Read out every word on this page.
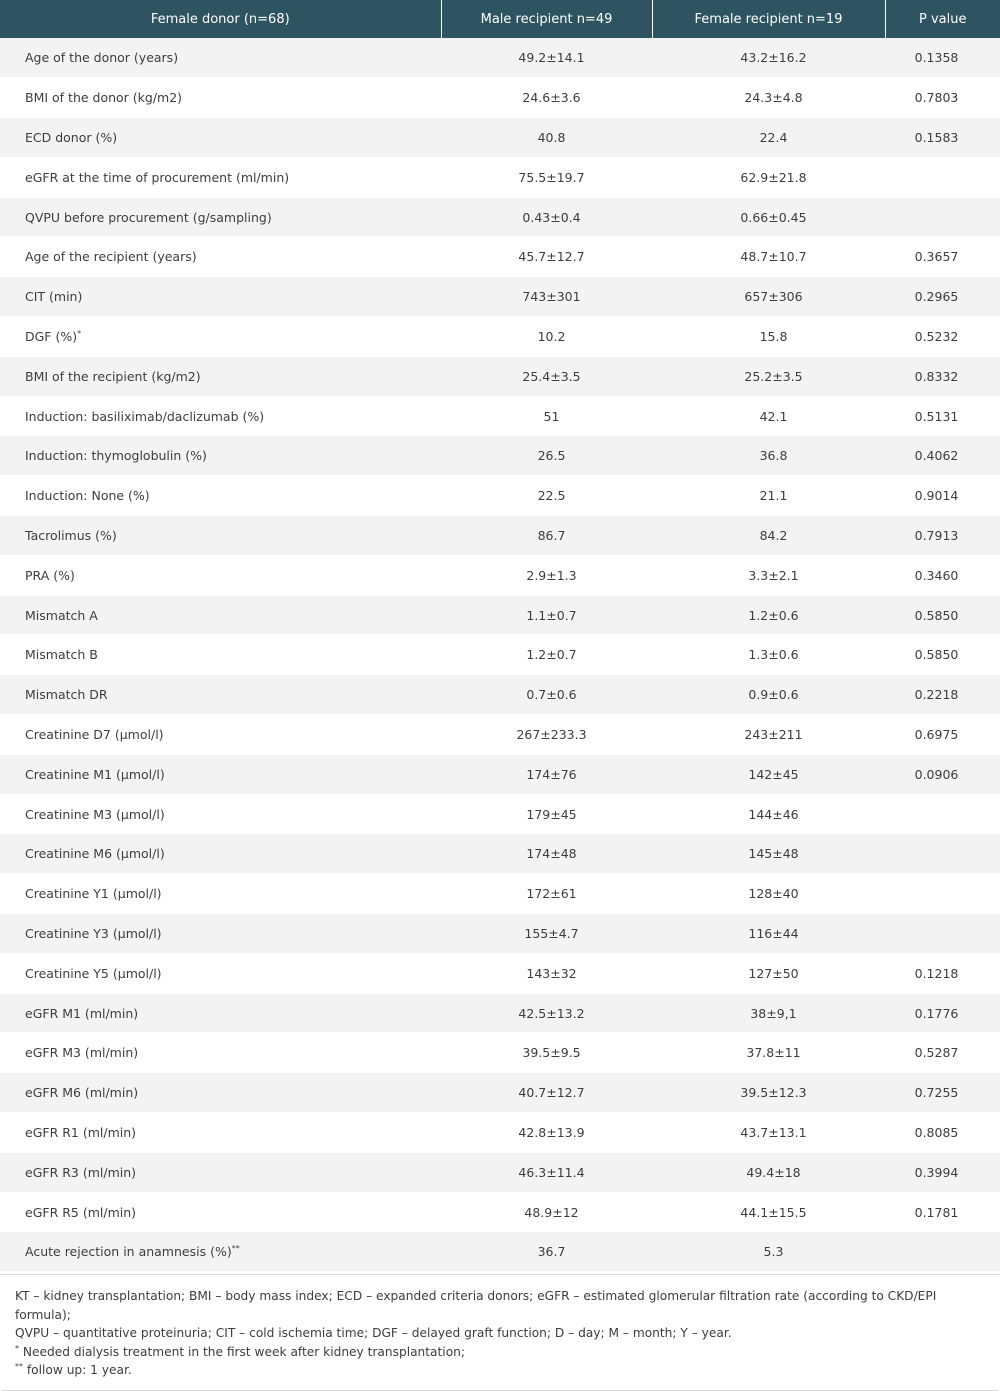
Female donor (n=68)	Male recipient n=49	Female recipient n=19	P value
Age of the donor (years)	49.2±14.1	43.2±16.2	0.1358
BMI of the donor (kg/m2)	24.6±3.6	24.3±4.8	0.7803
ECD donor (%)	40.8	22.4	0.1583
eGFR at the time of procurement (ml/min)	75.5±19.7	62.9±21.8	
QVPU before procurement (g/sampling)	0.43±0.4	0.66±0.45	
Age of the recipient (years)	45.7±12.7	48.7±10.7	0.3657
CIT (min)	743±301	657±306	0.2965
DGF (%)*	10.2	15.8	0.5232
BMI of the recipient (kg/m2)	25.4±3.5	25.2±3.5	0.8332
Induction: basiliximab/daclizumab (%)	51	42.1	0.5131
Induction: thymoglobulin (%)	26.5	36.8	0.4062
Induction: None (%)	22.5	21.1	0.9014
Tacrolimus (%)	86.7	84.2	0.7913
PRA (%)	2.9±1.3	3.3±2.1	0.3460
Mismatch A	1.1±0.7	1.2±0.6	0.5850
Mismatch B	1.2±0.7	1.3±0.6	0.5850
Mismatch DR	0.7±0.6	0.9±0.6	0.2218
Creatinine D7 (µmol/l)	267±233.3	243±211	0.6975
Creatinine M1 (µmol/l)	174±76	142±45	0.0906
Creatinine M3 (µmol/l)	179±45	144±46	
Creatinine M6 (µmol/l)	174±48	145±48	
Creatinine Y1 (µmol/l)	172±61	128±40	
Creatinine Y3 (µmol/l)	155±4.7	116±44	
Creatinine Y5 (µmol/l)	143±32	127±50	0.1218
eGFR M1 (ml/min)	42.5±13.2	38±9,1	0.1776
eGFR M3 (ml/min)	39.5±9.5	37.8±11	0.5287
eGFR M6 (ml/min)	40.7±12.7	39.5±12.3	0.7255
eGFR R1 (ml/min)	42.8±13.9	43.7±13.1	0.8085
eGFR R3 (ml/min)	46.3±11.4	49.4±18	0.3994
eGFR R5 (ml/min)	48.9±12	44.1±15.5	0.1781
Acute rejection in anamnesis (%)**	36.7	5.3	

KT – kidney transplantation; BMI – body mass index; ECD – expanded criteria donors; eGFR – estimated glomerular filtration rate (according to CKD/EPI formula);

QVPU – quantitative proteinuria; CIT – cold ischemia time; DGF – delayed graft function; D – day; M – month; Y – year.

* Needed dialysis treatment in the first week after kidney transplantation;

** follow up: 1 year.
